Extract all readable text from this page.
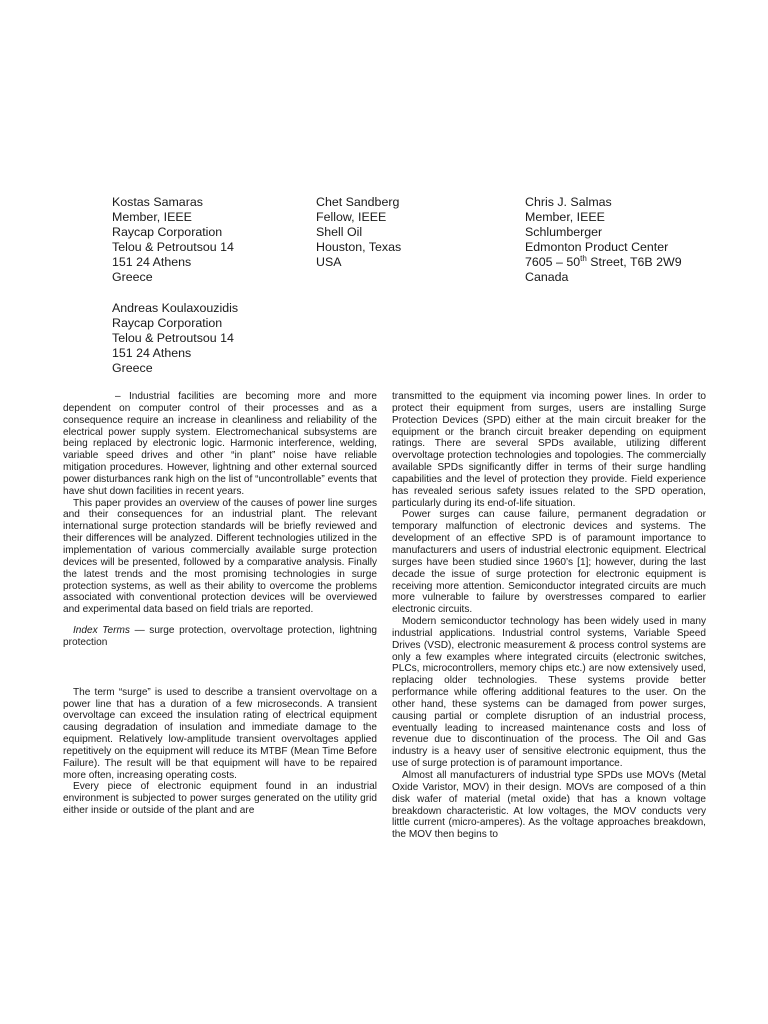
Kostas Samaras
Member, IEEE
Raycap Corporation
Telou & Petroutsou 14
151 24 Athens
Greece
Chet Sandberg
Fellow, IEEE
Shell Oil
Houston, Texas
USA
Chris J. Salmas
Member, IEEE
Schlumberger
Edmonton Product Center
7605 – 50th Street, T6B 2W9
Canada
Andreas Koulaxouzidis
Raycap Corporation
Telou & Petroutsou 14
151 24 Athens
Greece

– Industrial facilities are becoming more and more dependent on computer control of their processes and as a consequence require an increase in cleanliness and reliability of the electrical power supply system. Electromechanical subsystems are being replaced by electronic logic. Harmonic interference, welding, variable speed drives and other “in plant” noise have reliable mitigation procedures. However, lightning and other external sourced power disturbances rank high on the list of “uncontrollable” events that have shut down facilities in recent years.

This paper provides an overview of the causes of power line surges and their consequences for an industrial plant. The relevant international surge protection standards will be briefly reviewed and their differences will be analyzed. Different technologies utilized in the implementation of various commercially available surge protection devices will be presented, followed by a comparative analysis. Finally the latest trends and the most promising technologies in surge protection systems, as well as their ability to overcome the problems associated with conventional protection devices will be overviewed and experimental data based on field trials are reported.

Index Terms — surge protection, overvoltage protection, lightning protection

The term “surge” is used to describe a transient overvoltage on a power line that has a duration of a few microseconds. A transient overvoltage can exceed the insulation rating of electrical equipment causing degradation of insulation and immediate damage to the equipment. Relatively low-amplitude transient overvoltages applied repetitively on the equipment will reduce its MTBF (Mean Time Before Failure). The result will be that equipment will have to be repaired more often, increasing operating costs.

Every piece of electronic equipment found in an industrial environment is subjected to power surges generated on the utility grid either inside or outside of the plant and are

transmitted to the equipment via incoming power lines. In order to protect their equipment from surges, users are installing Surge Protection Devices (SPD) either at the main circuit breaker for the equipment or the branch circuit breaker depending on equipment ratings. There are several SPDs available, utilizing different overvoltage protection technologies and topologies. The commercially available SPDs significantly differ in terms of their surge handling capabilities and the level of protection they provide. Field experience has revealed serious safety issues related to the SPD operation, particularly during its end-of-life situation.

Power surges can cause failure, permanent degradation or temporary malfunction of electronic devices and systems. The development of an effective SPD is of paramount importance to manufacturers and users of industrial electronic equipment. Electrical surges have been studied since 1960’s [1]; however, during the last decade the issue of surge protection for electronic equipment is receiving more attention. Semiconductor integrated circuits are much more vulnerable to failure by overstresses compared to earlier electronic circuits.

Modern semiconductor technology has been widely used in many industrial applications. Industrial control systems, Variable Speed Drives (VSD), electronic measurement & process control systems are only a few examples where integrated circuits (electronic switches, PLCs, microcontrollers, memory chips etc.) are now extensively used, replacing older technologies. These systems provide better performance while offering additional features to the user. On the other hand, these systems can be damaged from power surges, causing partial or complete disruption of an industrial process, eventually leading to increased maintenance costs and loss of revenue due to discontinuation of the process. The Oil and Gas industry is a heavy user of sensitive electronic equipment, thus the use of surge protection is of paramount importance.

Almost all manufacturers of industrial type SPDs use MOVs (Metal Oxide Varistor, MOV) in their design. MOVs are composed of a thin disk wafer of material (metal oxide) that has a known voltage breakdown characteristic. At low voltages, the MOV conducts very little current (micro-amperes). As the voltage approaches breakdown, the MOV then begins to
